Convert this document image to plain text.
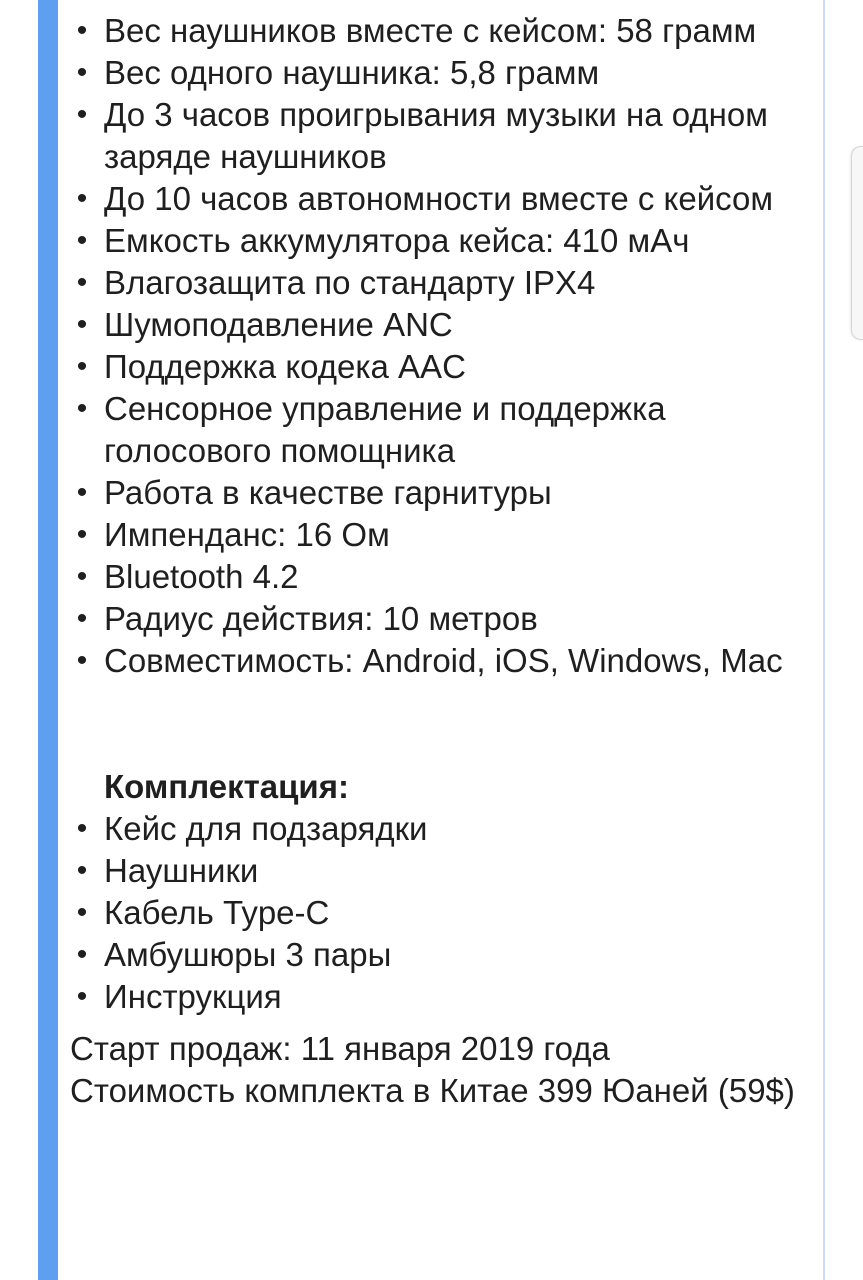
• Вес наушников вместе с кейсом: 58 грамм
• Вес одного наушника: 5,8 грамм
• До 3 часов проигрывания музыки на одном заряде наушников
• До 10 часов автономности вместе с кейсом
• Емкость аккумулятора кейса: 410 мАч
• Влагозащита по стандарту IPX4
• Шумоподавление ANC
• Поддержка кодека AAC
• Сенсорное управление и поддержка голосового помощника
• Работа в качестве гарнитуры
• Импенданс: 16 Ом
• Bluetooth 4.2
• Радиус действия: 10 метров
• Совместимость: Android, iOS, Windows, Mac
Комплектация:
• Кейс для подзарядки
• Наушники
• Кабель Type-C
• Амбушюры 3 пары
• Инструкция
Старт продаж: 11 января 2019 года
Стоимость комплекта в Китае 399 Юаней (59$)
